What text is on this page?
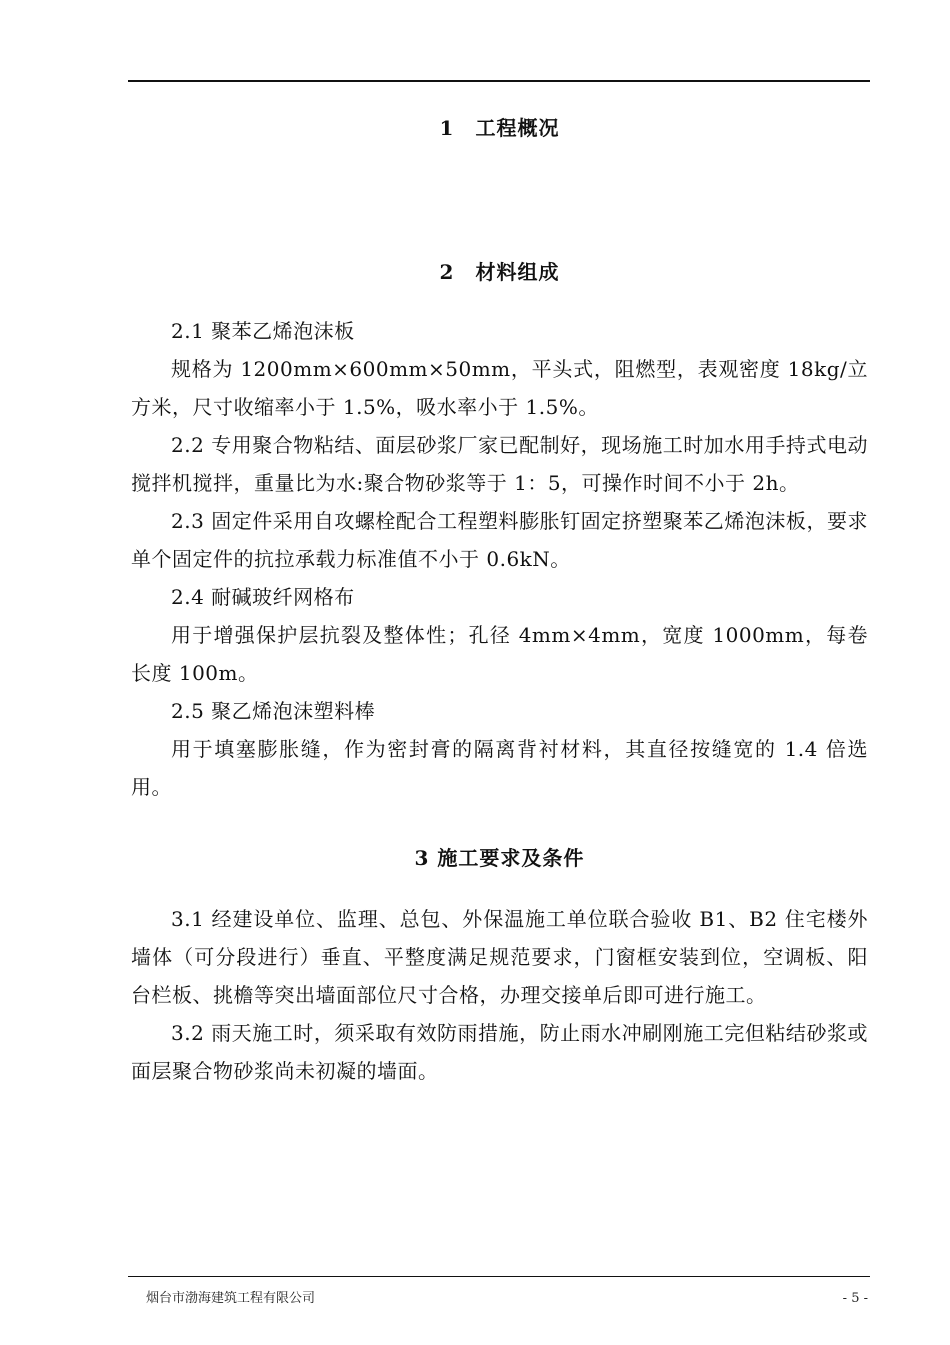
1　工程概况
2　材料组成

2.1 聚苯乙烯泡沫板

规格为 1200mm×600mm×50mm，平头式，阻燃型，表观密度 18kg/立方米，尺寸收缩率小于 1.5%，吸水率小于 1.5%。

2.2 专用聚合物粘结、面层砂浆厂家已配制好，现场施工时加水用手持式电动搅拌机搅拌，重量比为水:聚合物砂浆等于 1：5，可操作时间不小于 2h。

2.3 固定件采用自攻螺栓配合工程塑料膨胀钉固定挤塑聚苯乙烯泡沫板，要求单个固定件的抗拉承载力标准值不小于 0.6kN。

2.4 耐碱玻纤网格布

用于增强保护层抗裂及整体性；孔径 4mm×4mm，宽度 1000mm，每卷长度 100m。

2.5 聚乙烯泡沫塑料棒

用于填塞膨胀缝，作为密封膏的隔离背衬材料，其直径按缝宽的 1.4 倍选用。

3 施工要求及条件

3.1 经建设单位、监理、总包、外保温施工单位联合验收 B1、B2 住宅楼外墙体（可分段进行）垂直、平整度满足规范要求，门窗框安装到位，空调板、阳台栏板、挑檐等突出墙面部位尺寸合格，办理交接单后即可进行施工。

3.2 雨天施工时，须采取有效防雨措施，防止雨水冲刷刚施工完但粘结砂浆或面层聚合物砂浆尚未初凝的墙面。

烟台市渤海建筑工程有限公司	- 5 -
